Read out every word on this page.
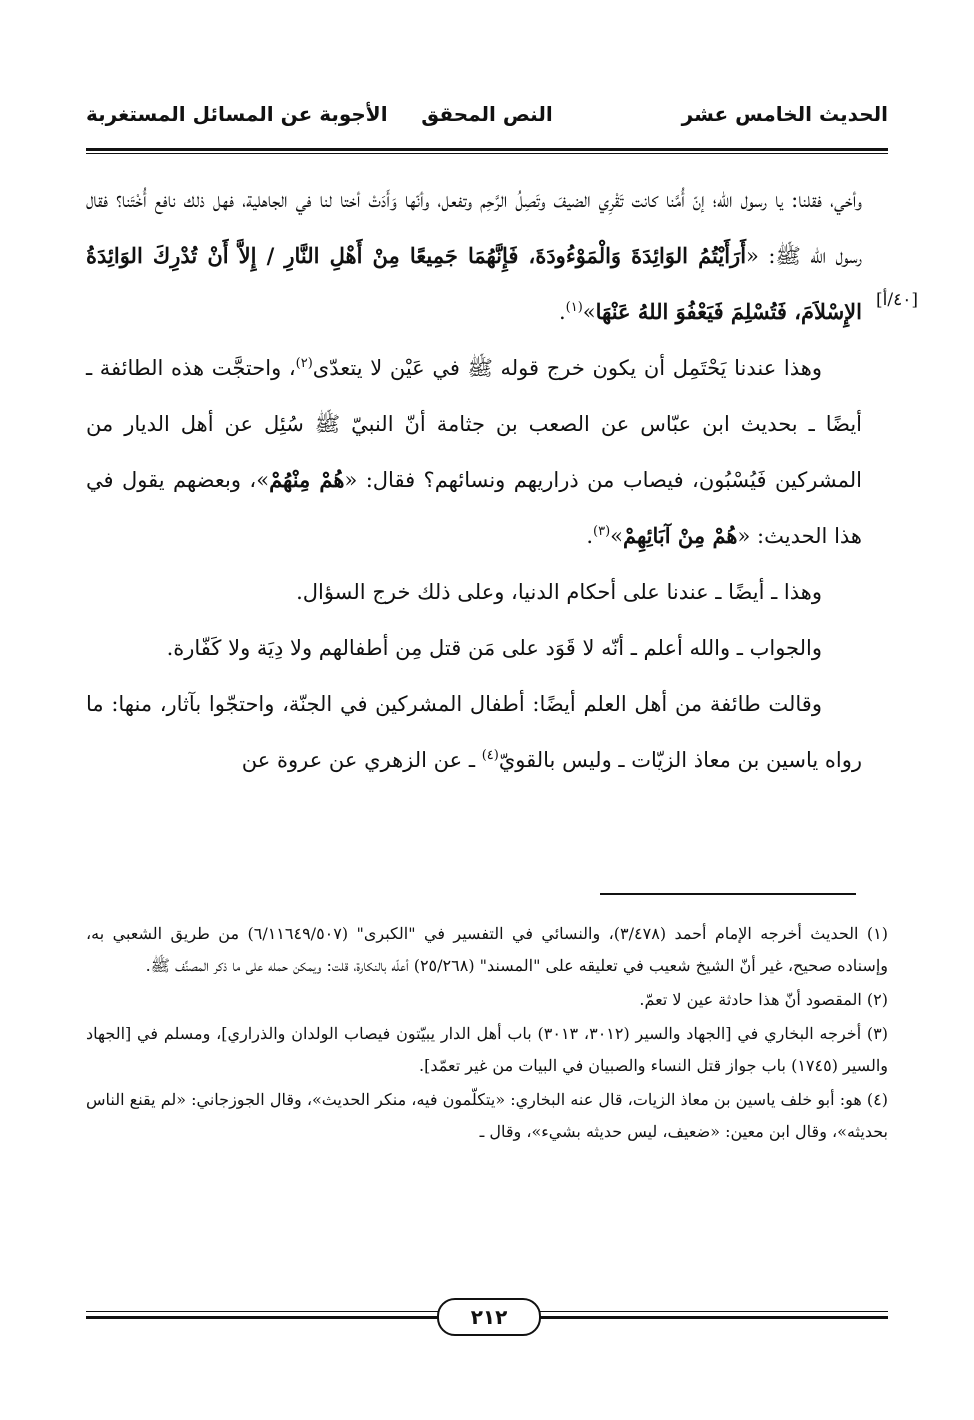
الحديث الخامس عشر
النص المحقق
الأجوبة عن المسائل المستغربة
[٤٠/أ]

وأخي، فقلنا: يا رسول الله؛ إنّ أُمَّنا كانت تَقْرِي الضيفَ وتَصِلُ الرَّحِم وتفعل، وأنّها وَأَدَتْ أختا لنا في الجاهلية، فهل ذلك نافع أُخْتَنا؟ فقال رسول الله ﷺ: «أَرَأَيْتُمُ الوَائِدَةَ وَالْمَوْءُودَةَ، فَإِنَّهُمَا جَمِيعًا مِنْ أَهْلِ النَّارِ / إِلاَّ أَنْ تُدْرِكَ الوَائِدَةُ الإِسْلاَمَ، فَتُسْلِمَ فَيَعْفُوَ اللهُ عَنْهَا»$^{(١)}$.

وهذا عندنا يَحْتَمِل أن يكون خرج قوله ﷺ في عَيْن لا يتعدّى$^{(٢)}$، واحتجَّت هذه الطائفة ـ أيضًا ـ بحديث ابن عبّاس عن الصعب بن جثامة أنّ النبيّ ﷺ سُئِل عن أهل الديار من المشركين فَيُسْبُون، فيصاب من ذراريهم ونسائهم؟ فقال: «هُمْ مِنْهُمْ»، وبعضهم يقول في هذا الحديث: «هُمْ مِنْ آبَائِهِمْ»$^{(٣)}$.

وهذا ـ أيضًا ـ عندنا على أحكام الدنيا، وعلى ذلك خرج السؤال.

والجواب ـ والله أعلم ـ أنّه لا قَوَد على مَن قتل مِن أطفالهم ولا دِيَة ولا كَفّارة.

وقالت طائفة من أهل العلم أيضًا: أطفال المشركين في الجنّة، واحتجّوا بآثار، منها: ما رواه ياسين بن معاذ الزيّات ـ وليس بالقويّ$^{(٤)}$ ـ عن الزهري عن عروة عن

(١) الحديث أخرجه الإمام أحمد (٣/٤٧٨)، والنسائي في التفسير في "الكبرى" (٦/١١٦٤٩/٥٠٧) من طريق الشعبي به، وإسناده صحيح، غير أنّ الشيخ شعيب في تعليقه على "المسند" (٢٥/٢٦٨) أعلّه بالنكارة، قلت: ويمكن حمله على ما ذكر المصنِّف ﷺ.

(٢) المقصود أنّ هذا حادثة عين لا تعمّ.

(٣) أخرجه البخاري في [الجهاد والسير (٣٠١٢، ٣٠١٣) باب أهل الدار يبيّتون فيصاب الولدان والذراري]، ومسلم في [الجهاد والسير (١٧٤٥) باب جواز قتل النساء والصبيان في البيات من غير تعمّد].

(٤) هو: أبو خلف ياسين بن معاذ الزيات، قال عنه البخاري: «يتكلّمون فيه، منكر الحديث»، وقال الجوزجاني: «لم يقنع الناس بحديثه»، وقال ابن معين: «ضعيف، ليس حديثه بشيء»، وقال ـ

٢١٢
